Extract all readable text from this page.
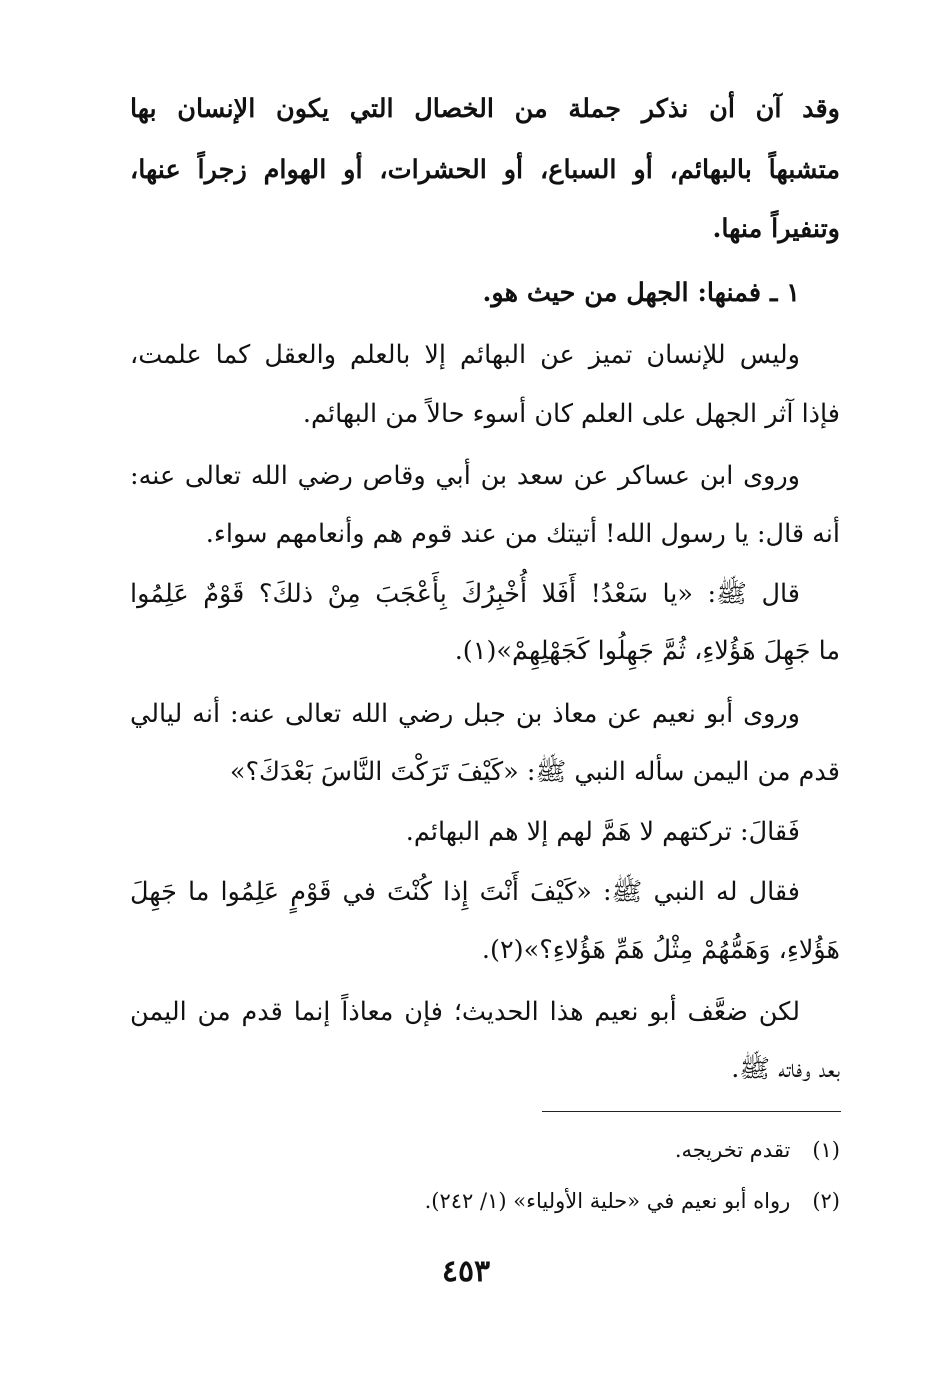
وقد آن أن نذكر جملة من الخصال التي يكون الإنسان بها
متشبهاً بالبهائم، أو السباع، أو الحشرات، أو الهوام زجراً عنها،
وتنفيراً منها.
١ ـ فمنها: الجهل من حيث هو.
وليس للإنسان تميز عن البهائم إلا بالعلم والعقل كما علمت،
فإذا آثر الجهل على العلم كان أسوء حالاً من البهائم.
وروى ابن عساكر عن سعد بن أبي وقاص رضي الله تعالى عنه:
أنه قال: يا رسول الله! أتيتك من عند قوم هم وأنعامهم سواء.
قال ﷺ: «يا سَعْدُ! أَفَلا أُخْبِرُكَ بِأَعْجَبَ مِنْ ذلكَ؟ قَوْمٌ عَلِمُوا
ما جَهِلَ هَؤُلاءِ، ثُمَّ جَهِلُوا كَجَهْلِهِمْ»(١).
وروى أبو نعيم عن معاذ بن جبل رضي الله تعالى عنه: أنه ليالي
قدم من اليمن سأله النبي ﷺ: «كَيْفَ تَرَكْتَ النَّاسَ بَعْدَكَ؟»
فَقالَ: تركتهم لا هَمَّ لهم إلا هم البهائم.
فقال له النبي ﷺ: «كَيْفَ أَنْتَ إِذا كُنْتَ في قَوْمٍ عَلِمُوا ما جَهِلَ
هَؤُلاءِ، وَهَمُّهُمْ مِثْلُ هَمِّ هَؤُلاءِ؟»(٢).
لكن ضعَّف أبو نعيم هذا الحديث؛ فإن معاذاً إنما قدم من اليمن
بعد وفاته ﷺ.
(١)تقدم تخريجه.
(٢)رواه أبو نعيم في «حلية الأولياء» (١/ ٢٤٢).
٤٥٣
